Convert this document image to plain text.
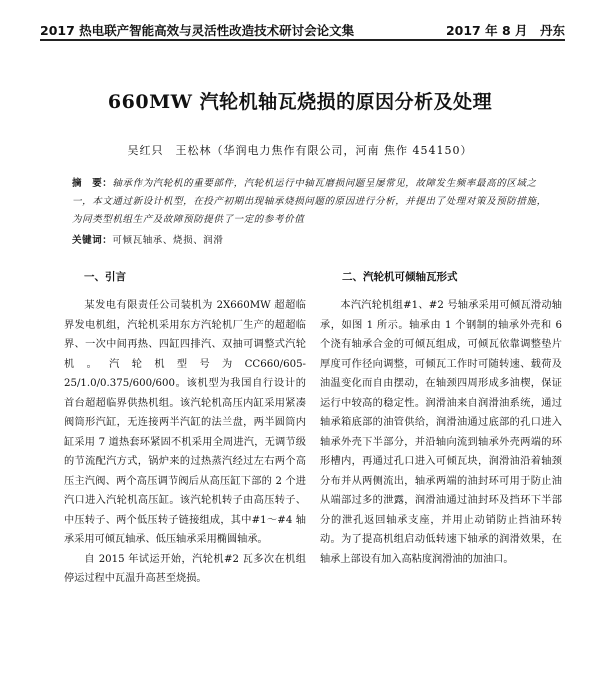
2017 热电联产智能高效与灵活性改造技术研讨会论文集	2017 年 8 月　丹东
660MW 汽轮机轴瓦烧损的原因分析及处理
吴红只　王松林（华润电力焦作有限公司，河南 焦作 454150）
摘　要：轴承作为汽轮机的重要部件，汽轮机运行中轴瓦磨损问题呈屡常见，故障发生频率最高的区域之一，本文通过新设计机型，在投产初期出现轴承烧损问题的原因进行分析，并提出了处理对策及预防措施，为同类型机组生产及故障预防提供了一定的参考价值
关键词：可倾瓦轴承、烧损、润滑
一、引言

某发电有限责任公司装机为 2X660MW 超超临界发电机组，汽轮机采用东方汽轮机厂生产的超超临界、一次中间再热、四缸四排汽、双抽可调整式汽轮机。汽轮机型号为CC660/605-25/1.0/0.375/600/600。该机型为我国自行设计的首台超超临界供热机组。该汽轮机高压内缸采用紧凑阀筒形汽缸，无连接两半汽缸的法兰盘，两半圆筒内缸采用 7 道热套环紧固不机采用全周进汽，无调节级的节流配汽方式，锅炉来的过热蒸汽经过左右两个高压主汽阀、两个高压调节阀后从高压缸下部的 2 个进汽口进入汽轮机高压缸。该汽轮机转子由高压转子、中压转子、两个低压转子链接组成，其中#1～#4 轴承采用可倾瓦轴承、低压轴承采用椭圆轴承。

自 2015 年试运开始，汽轮机#2 瓦多次在机组停运过程中瓦温升高甚至烧损。

二、汽轮机可倾轴瓦形式

本汽汽轮机组#1、#2 号轴承采用可倾瓦滑动轴承，如图 1 所示。轴承由 1 个钢制的轴承外壳和 6 个浇有轴承合金的可倾瓦组成，可倾瓦依靠调整垫片厚度可作径向调整，可倾瓦工作时可随转速、载荷及油温变化而自由摆动，在轴颈四周形成多油楔，保证运行中较高的稳定性。润滑油来自润滑油系统，通过轴承箱底部的油管供给，润滑油通过底部的孔口进入轴承外壳下半部分，并沿轴向流到轴承外壳两端的环形槽内，再通过孔口进入可倾瓦块，润滑油沿着轴颈分布并从两侧流出，轴承两端的油封环可用于防止油从端部过多的泄露，润滑油通过油封环及挡环下半部分的泄孔返回轴承支座，并用止动销防止挡油环转动。为了提高机组启动低转速下轴承的润滑效果，在轴承上部设有加入高粘度润滑油的加油口。
